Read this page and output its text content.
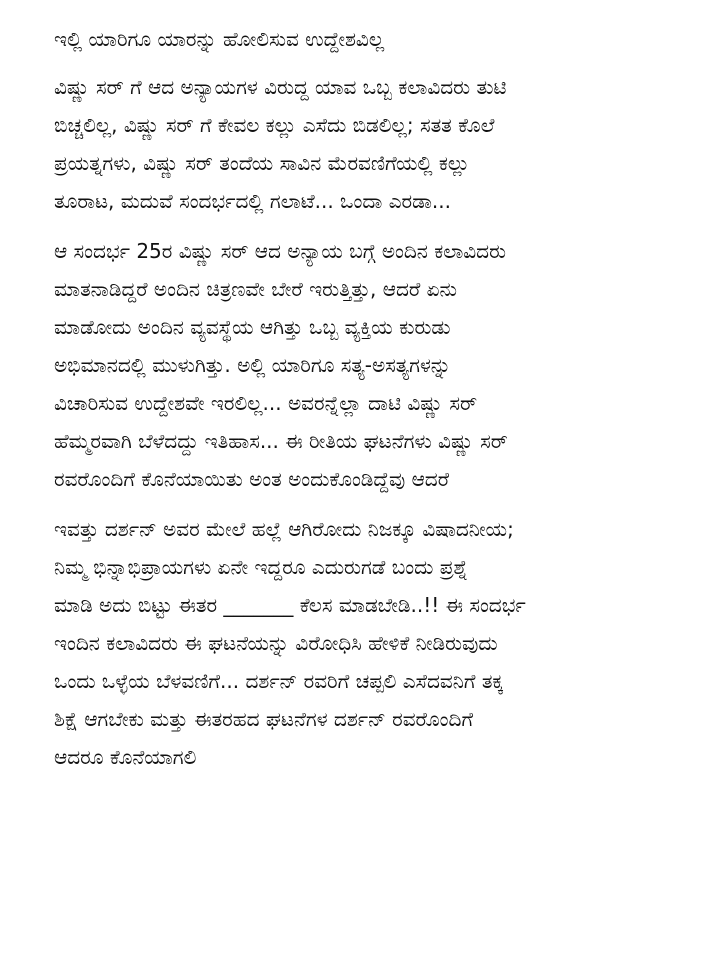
ಇಲ್ಲಿ ಯಾರಿಗೂ ಯಾರನ್ನು ಹೋಲಿಸುವ ಉದ್ದೇಶವಿಲ್ಲ
ವಿಷ್ಣು ಸರ್ ಗೆ ಆದ ಅನ್ಯಾಯಗಳ ವಿರುದ್ದ ಯಾವ ಒಬ್ಬ ಕಲಾವಿದರು ತುಟಿ
ಬಿಚ್ಚಲಿಲ್ಲ, ವಿಷ್ಣು ಸರ್ ಗೆ ಕೇವಲ ಕಲ್ಲು ಎಸೆದು ಬಿಡಲಿಲ್ಲ; ಸತತ ಕೊಲೆ
ಪ್ರಯತ್ನಗಳು, ವಿಷ್ಣು ಸರ್ ತಂದೆಯ ಸಾವಿನ ಮೆರವಣಿಗೆಯಲ್ಲಿ ಕಲ್ಲು
ತೂರಾಟ, ಮದುವೆ ಸಂದರ್ಭದಲ್ಲಿ ಗಲಾಟೆ... ಒಂದಾ ಎರಡಾ...
ಆ ಸಂದರ್ಭ 25ರ ವಿಷ್ಣು ಸರ್ ಆದ ಅನ್ಯಾಯ ಬಗ್ಗೆ ಅಂದಿನ ಕಲಾವಿದರು
ಮಾತನಾಡಿದ್ದರೆ ಅಂದಿನ ಚಿತ್ರಣವೇ ಬೇರೆ ಇರುತ್ತಿತ್ತು, ಆದರೆ ಏನು
ಮಾಡೋದು ಅಂದಿನ ವ್ಯವಸ್ಥೆಯ ಆಗಿತ್ತು ಒಬ್ಬ ವ್ಯಕ್ತಿಯ ಕುರುಡು
ಅಭಿಮಾನದಲ್ಲಿ ಮುಳುಗಿತ್ತು. ಅಲ್ಲಿ ಯಾರಿಗೂ ಸತ್ಯ-ಅಸತ್ಯಗಳನ್ನು
ವಿಚಾರಿಸುವ ಉದ್ದೇಶವೇ ಇರಲಿಲ್ಲ... ಅವರನ್ನೆಲ್ಲಾ ದಾಟಿ ವಿಷ್ಣು ಸರ್
ಹೆಮ್ಮರವಾಗಿ ಬೆಳೆದದ್ದು ಇತಿಹಾಸ... ಈ ರೀತಿಯ ಘಟನೆಗಳು ವಿಷ್ಣು ಸರ್
ರವರೊಂದಿಗೆ ಕೊನೆಯಾಯಿತು ಅಂತ ಅಂದುಕೊಂಡಿದ್ದೆವು ಆದರೆ
ಇವತ್ತು ದರ್ಶನ್ ಅವರ ಮೇಲೆ ಹಲ್ಲೆ ಆಗಿರೋದು ನಿಜಕ್ಕೂ ವಿಷಾದನೀಯ;
ನಿಮ್ಮ ಭಿನ್ನಾಭಿಪ್ರಾಯಗಳು ಏನೇ ಇದ್ದರೂ ಎದುರುಗಡೆ ಬಂದು ಪ್ರಶ್ನೆ
ಮಾಡಿ ಅದು ಬಿಟ್ಟು ಈತರ _______ ಕೆಲಸ ಮಾಡಬೇಡಿ..!! ಈ ಸಂದರ್ಭ
ಇಂದಿನ ಕಲಾವಿದರು ಈ ಘಟನೆಯನ್ನು ವಿರೋಧಿಸಿ ಹೇಳಿಕೆ ನೀಡಿರುವುದು
ಒಂದು ಒಳ್ಳೆಯ ಬೆಳವಣಿಗೆ... ದರ್ಶನ್ ರವರಿಗೆ ಚಪ್ಪಲಿ ಎಸೆದವನಿಗೆ ತಕ್ಕ
ಶಿಕ್ಷೆ ಆಗಬೇಕು ಮತ್ತು ಈತರಹದ ಘಟನೆಗಳ ದರ್ಶನ್ ರವರೊಂದಿಗೆ
ಆದರೂ ಕೊನೆಯಾಗಲಿ
